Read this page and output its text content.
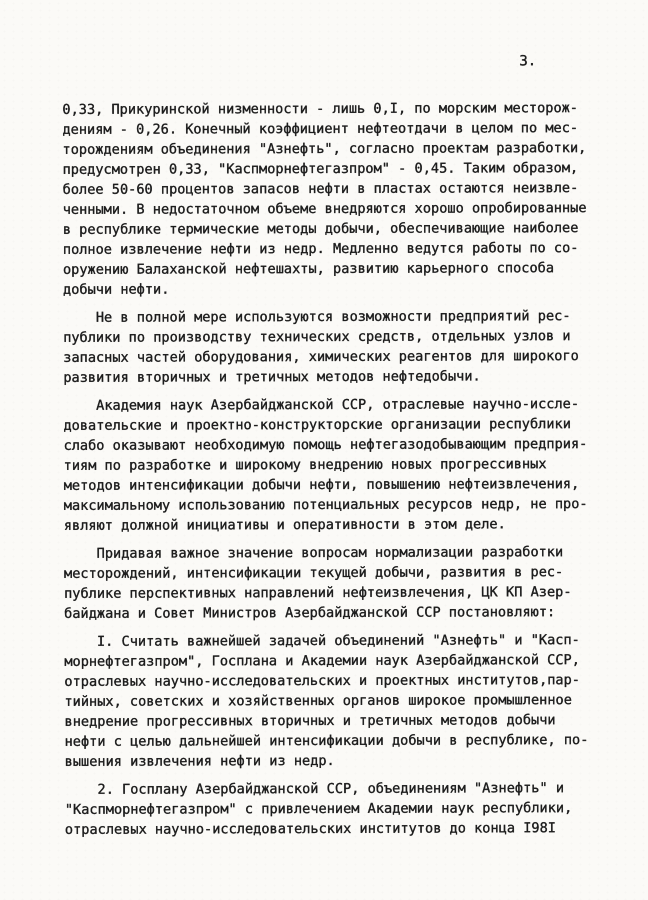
3.
0,33, Прикуринской низменности - лишь 0,I, по морским месторож-
дениям - 0,26. Конечный коэффициент нефтеотдачи в целом по мес-
торождениям объединения "Азнефть", согласно проектам разработки,
предусмотрен 0,33, "Каспморнефтегазпром" - 0,45. Таким образом,
более 50-60 процентов запасов нефти в пластах остаются неизвле-
ченными. В недостаточном объеме внедряются хорошо опробированные
в республике термические методы добычи, обеспечивающие наиболее
полное извлечение нефти из недр. Медленно ведутся работы по со-
оружению Балаханской нефтешахты, развитию карьерного способа
добычи нефти.
Не в полной мере используются возможности предприятий рес-
публики по производству технических средств, отдельных узлов и
запасных частей оборудования, химических реагентов для широкого
развития вторичных и третичных методов нефтедобычи.
Академия наук Азербайджанской ССР, отраслевые научно-иссле-
довательские и проектно-конструкторские организации республики
слабо оказывают необходимую помощь нефтегазодобывающим предприя-
тиям по разработке и широкому внедрению новых прогрессивных
методов интенсификации добычи нефти, повышению нефтеизвлечения,
максимальному использованию потенциальных ресурсов недр, не про-
являют должной инициативы и оперативности в этом деле.
Придавая важное значение вопросам нормализации разработки
месторождений, интенсификации текущей добычи, развития в рес-
публике перспективных направлений нефтеизвлечения, ЦК КП Азер-
байджана и Совет Министров Азербайджанской ССР постановляют:
I. Считать важнейшей задачей объединений "Азнефть" и "Касп-
морнефтегазпром", Госплана и Академии наук Азербайджанской ССР,
отраслевых научно-исследовательских и проектных институтов,пар-
тийных, советских и хозяйственных органов широкое промышленное
внедрение прогрессивных вторичных и третичных методов добычи
нефти с целью дальнейшей интенсификации добычи в республике, по-
вышения извлечения нефти из недр.
2. Госплану Азербайджанской ССР, объединениям "Азнефть" и
"Каспморнефтегазпром" с привлечением Академии наук республики,
отраслевых научно-исследовательских институтов до конца I98I
